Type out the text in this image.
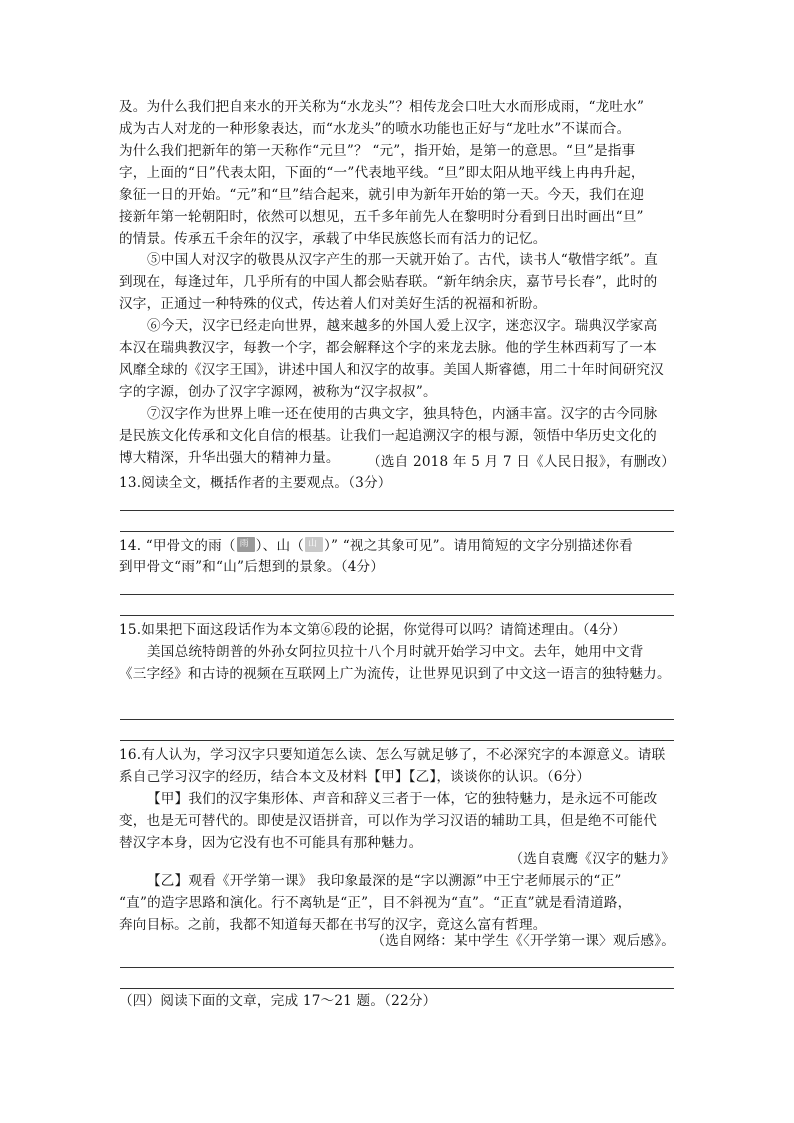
及。为什么我们把自来水的开关称为“水龙头”？相传龙会口吐大水而形成雨，“龙吐水”
成为古人对龙的一种形象表达，而“水龙头”的喷水功能也正好与“龙吐水”不谋而合。
为什么我们把新年的第一天称作“元旦”？ “元”，指开始，是第一的意思。“旦”是指事
字，上面的“日”代表太阳，下面的“一”代表地平线。“旦”即太阳从地平线上冉冉升起，
象征一日的开始。“元”和“旦”结合起来，就引申为新年开始的第一天。今天，我们在迎
接新年第一轮朝阳时，依然可以想见，五千多年前先人在黎明时分看到日出时画出“旦”
的情景。传承五千余年的汉字，承载了中华民族悠长而有活力的记忆。
⑤中国人对汉字的敬畏从汉字产生的那一天就开始了。古代，读书人“敬惜字纸”。直
到现在，每逢过年，几乎所有的中国人都会贴春联。“新年纳余庆，嘉节号长春”，此时的
汉字，正通过一种特殊的仪式，传达着人们对美好生活的祝福和祈盼。
⑥今天，汉字已经走向世界，越来越多的外国人爱上汉字，迷恋汉字。瑞典汉学家高
本汉在瑞典教汉字，每教一个字，都会解释这个字的来龙去脉。他的学生林西莉写了一本
风靡全球的《汉字王国》，讲述中国人和汉字的故事。美国人斯睿德，用二十年时间研究汉
字的字源，创办了汉字字源网，被称为“汉字叔叔”。
⑦汉字作为世界上唯一还在使用的古典文字，独具特色，内涵丰富。汉字的古今同脉
是民族文化传承和文化自信的根基。让我们一起追溯汉字的根与源，领悟中华历史文化的
博大精深，升华出强大的精神力量。	（选自 2018 年 5 月 7 日《人民日报》，有删改）
13.阅读全文，概括作者的主要观点。（3分）
14. “甲骨文的雨（ 雨 ）、山（ 山 ）” “视之其象可见”。请用简短的文字分别描述你看
到甲骨文“雨”和“山”后想到的景象。（4分）
15.如果把下面这段话作为本文第⑥段的论据，你觉得可以吗？请简述理由。（4分）
美国总统特朗普的外孙女阿拉贝拉十八个月时就开始学习中文。去年，她用中文背
《三字经》和古诗的视频在互联网上广为流传，让世界见识到了中文这一语言的独特魅力。
16.有人认为，学习汉字只要知道怎么读、怎么写就足够了，不必深究字的本源意义。请联
系自己学习汉字的经历，结合本文及材料【甲】【乙】，谈谈你的认识。（6分）
【甲】我们的汉字集形体、声音和辞义三者于一体，它的独特魅力，是永远不可能改
变，也是无可替代的。即使是汉语拼音，可以作为学习汉语的辅助工具，但是绝不可能代
替汉字本身，因为它没有也不可能具有那种魅力。
（选自袁鹰《汉字的魅力》
【乙】观看《开学第一课》 我印象最深的是“字以溯源”中王宁老师展示的“正”
“直”的造字思路和演化。行不离轨是“正”，目不斜视为“直”。“正直”就是看清道路，
奔向目标。之前，我都不知道每天都在书写的汉字，竟这么富有哲理。
（选自网络：某中学生《〈开学第一课〉观后感》。
（四）阅读下面的文章，完成 17～21 题。（22分）
